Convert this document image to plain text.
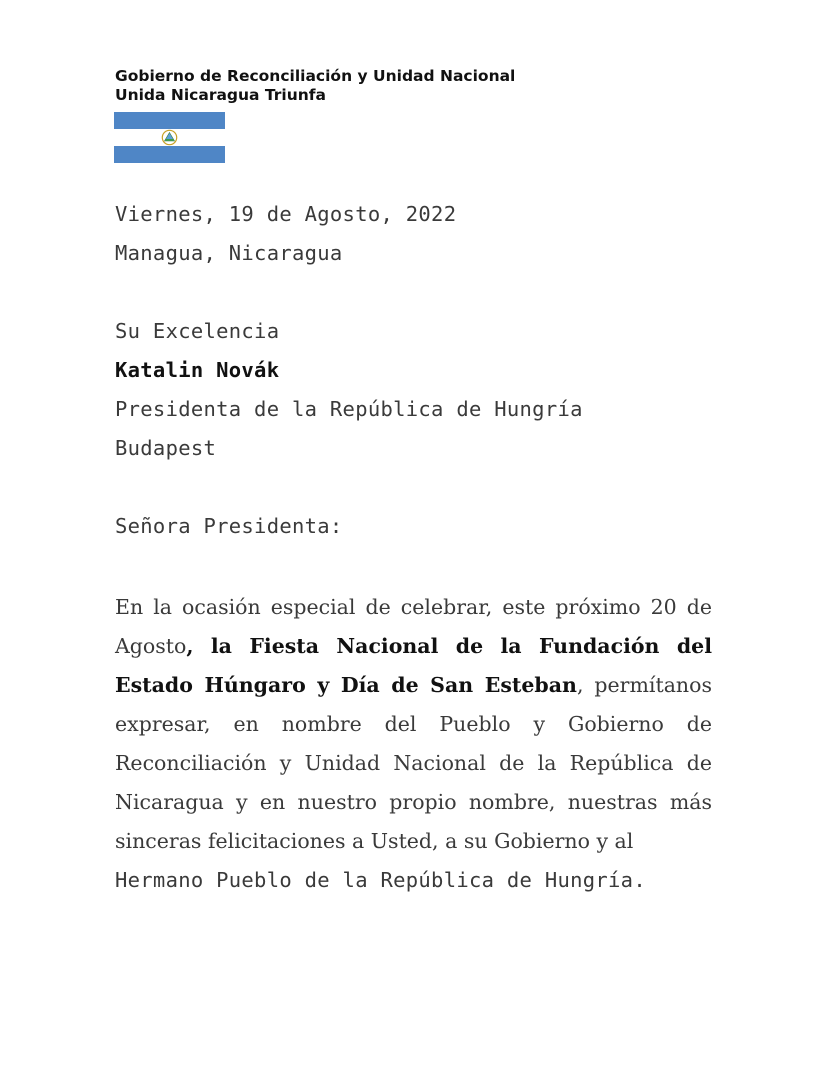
Gobierno de Reconciliación y Unidad Nacional
Unida Nicaragua Triunfa
Viernes, 19 de Agosto, 2022
Managua, Nicaragua
Su Excelencia
Katalin Novák
Presidenta de la República de Hungría
Budapest
Señora Presidenta:
En la ocasión especial de celebrar, este próximo 20 de Agosto, la Fiesta Nacional de la Fundación del Estado Húngaro y Día de San Esteban, permítanos expresar, en nombre del Pueblo y Gobierno de Reconciliación y Unidad Nacional de la República de Nicaragua y en nuestro propio nombre, nuestras más sinceras felicitaciones a Usted, a su Gobierno y al
Hermano Pueblo de la República de Hungría.
